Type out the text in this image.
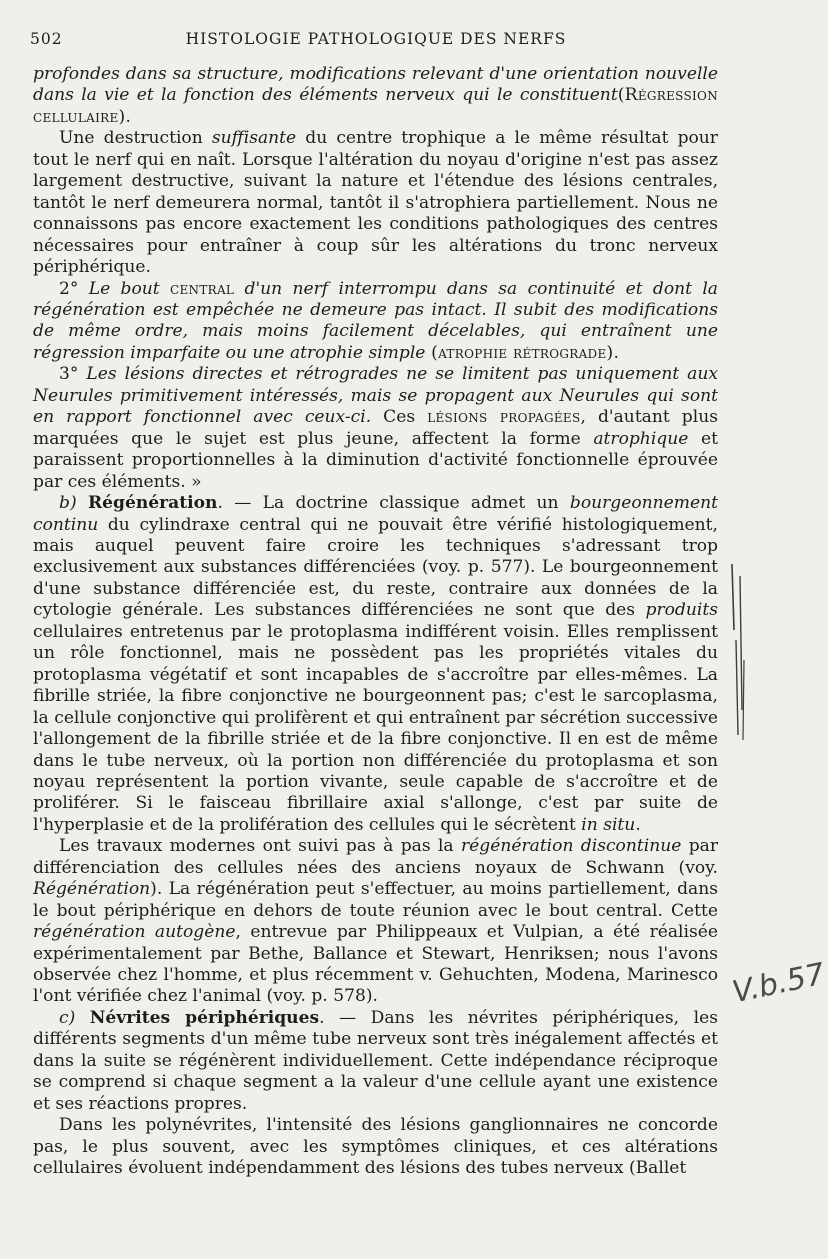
502	HISTOLOGIE PATHOLOGIQUE DES NERFS

profondes dans sa structure, modifications relevant d'une orientation nouvelle dans la vie et la fonction des éléments nerveux qui le constituent(Régression cellulaire).

Une destruction suffisante du centre trophique a le même résultat pour tout le nerf qui en naît. Lorsque l'altération du noyau d'origine n'est pas assez largement destructive, suivant la nature et l'étendue des lésions centrales, tantôt le nerf demeurera normal, tantôt il s'atrophiera partiellement. Nous ne connaissons pas encore exactement les conditions pathologiques des centres nécessaires pour entraîner à coup sûr les altérations du tronc nerveux périphérique.

2° Le bout central d'un nerf interrompu dans sa continuité et dont la régénération est empêchée ne demeure pas intact. Il subit des modifications de même ordre, mais moins facilement décelables, qui entraînent une régression imparfaite ou une atrophie simple (atrophie rétrograde).

3° Les lésions directes et rétrogrades ne se limitent pas uniquement aux Neurules primitivement intéressés, mais se propagent aux Neurules qui sont en rapport fonctionnel avec ceux-ci. Ces lésions propagées, d'autant plus marquées que le sujet est plus jeune, affectent la forme atrophique et paraissent proportionnelles à la diminution d'activité fonctionnelle éprouvée par ces éléments. »

b) Régénération. — La doctrine classique admet un bourgeonnement continu du cylindraxe central qui ne pouvait être vérifié histologiquement, mais auquel peuvent faire croire les techniques s'adressant trop exclusivement aux substances différenciées (voy. p. 577). Le bourgeonnement d'une substance différenciée est, du reste, contraire aux données de la cytologie générale. Les substances différenciées ne sont que des produits cellulaires entretenus par le protoplasma indifférent voisin. Elles remplissent un rôle fonctionnel, mais ne possèdent pas les propriétés vitales du protoplasma végétatif et sont incapables de s'accroître par elles-mêmes. La fibrille striée, la fibre conjonctive ne bourgeonnent pas; c'est le sarcoplasma, la cellule conjonctive qui prolifèrent et qui entraînent par sécrétion successive l'allongement de la fibrille striée et de la fibre conjonctive. Il en est de même dans le tube nerveux, où la portion non différenciée du protoplasma et son noyau représentent la portion vivante, seule capable de s'accroître et de proliférer. Si le faisceau fibrillaire axial s'allonge, c'est par suite de l'hyperplasie et de la prolifération des cellules qui le sécrètent in situ.

Les travaux modernes ont suivi pas à pas la régénération discontinue par différenciation des cellules nées des anciens noyaux de Schwann (voy. Régénération). La régénération peut s'effectuer, au moins partiellement, dans le bout périphérique en dehors de toute réunion avec le bout central. Cette régénération autogène, entrevue par Philippeaux et Vulpian, a été réalisée expérimentalement par Bethe, Ballance et Stewart, Henriksen; nous l'avons observée chez l'homme, et plus récemment v. Gehuchten, Modena, Marinesco l'ont vérifiée chez l'animal (voy. p. 578).

c) Névrites périphériques. — Dans les névrites périphériques, les différents segments d'un même tube nerveux sont très inégalement affectés et dans la suite se régénèrent individuellement. Cette indépendance réciproque se comprend si chaque segment a la valeur d'une cellule ayant une existence et ses réactions propres.

Dans les polynévrites, l'intensité des lésions ganglionnaires ne concorde pas, le plus souvent, avec les symptômes cliniques, et ces altérations cellulaires évoluent indépendamment des lésions des tubes nerveux (Ballet

V.b.57
